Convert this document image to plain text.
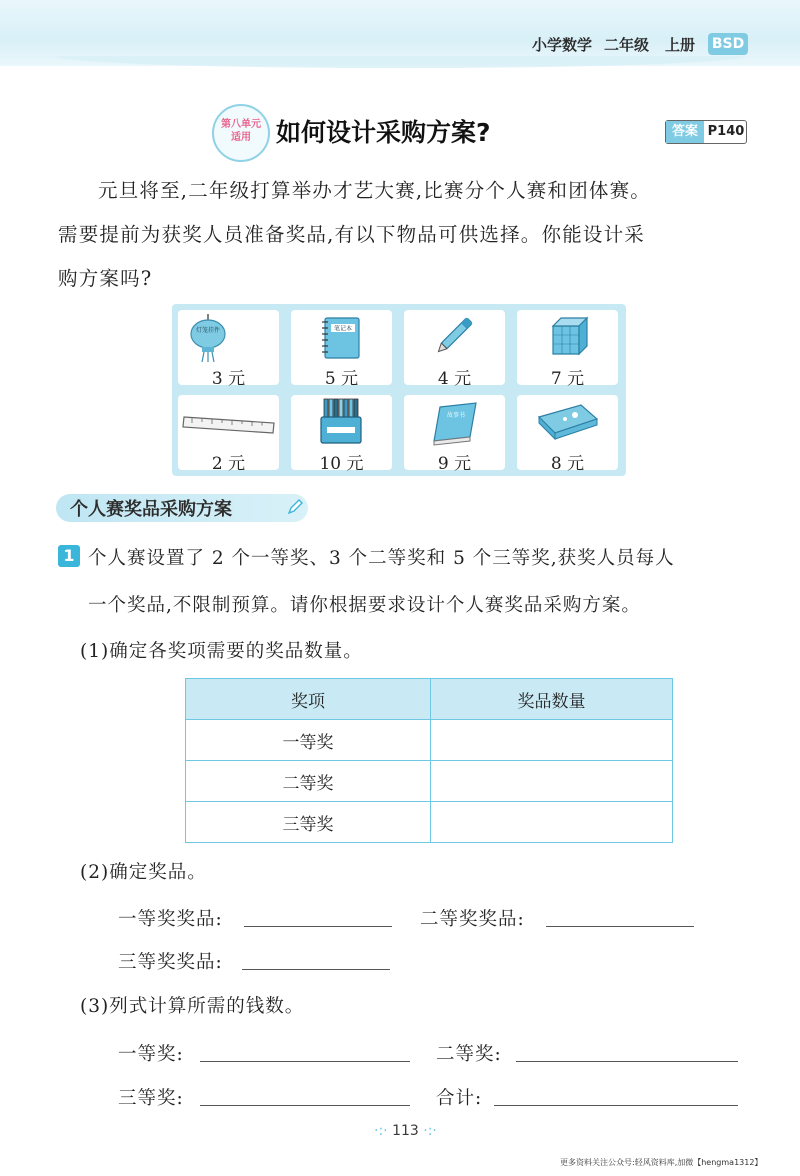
小学数学 二年级 上册 BSD
第八单元
适用	如何设计采购方案?	答案 P140
元旦将至,二年级打算举办才艺大赛,比赛分个人赛和团体赛。
需要提前为获奖人员准备奖品,有以下物品可供选择。你能设计采
购方案吗?
灯笼挂件
3 元
笔记本
5 元	4 元	7 元
2 元	10 元
故事书
9 元	8 元
个人赛奖品采购方案
1 个人赛设置了 2 个一等奖、3 个二等奖和 5 个三等奖,获奖人员每人
一个奖品,不限制预算。请你根据要求设计个人赛奖品采购方案。
(1)确定各奖项需要的奖品数量。
奖项	奖品数量
一等奖	
二等奖	
三等奖	
(2)确定奖品。
一等奖奖品:	二等奖奖品:
三等奖奖品:
(3)列式计算所需的钱数。
一等奖:	二等奖:
三等奖:	合计:
·:· 113 ·:·
更多资料关注公众号:轻风资料库,加微【hengma1312】
